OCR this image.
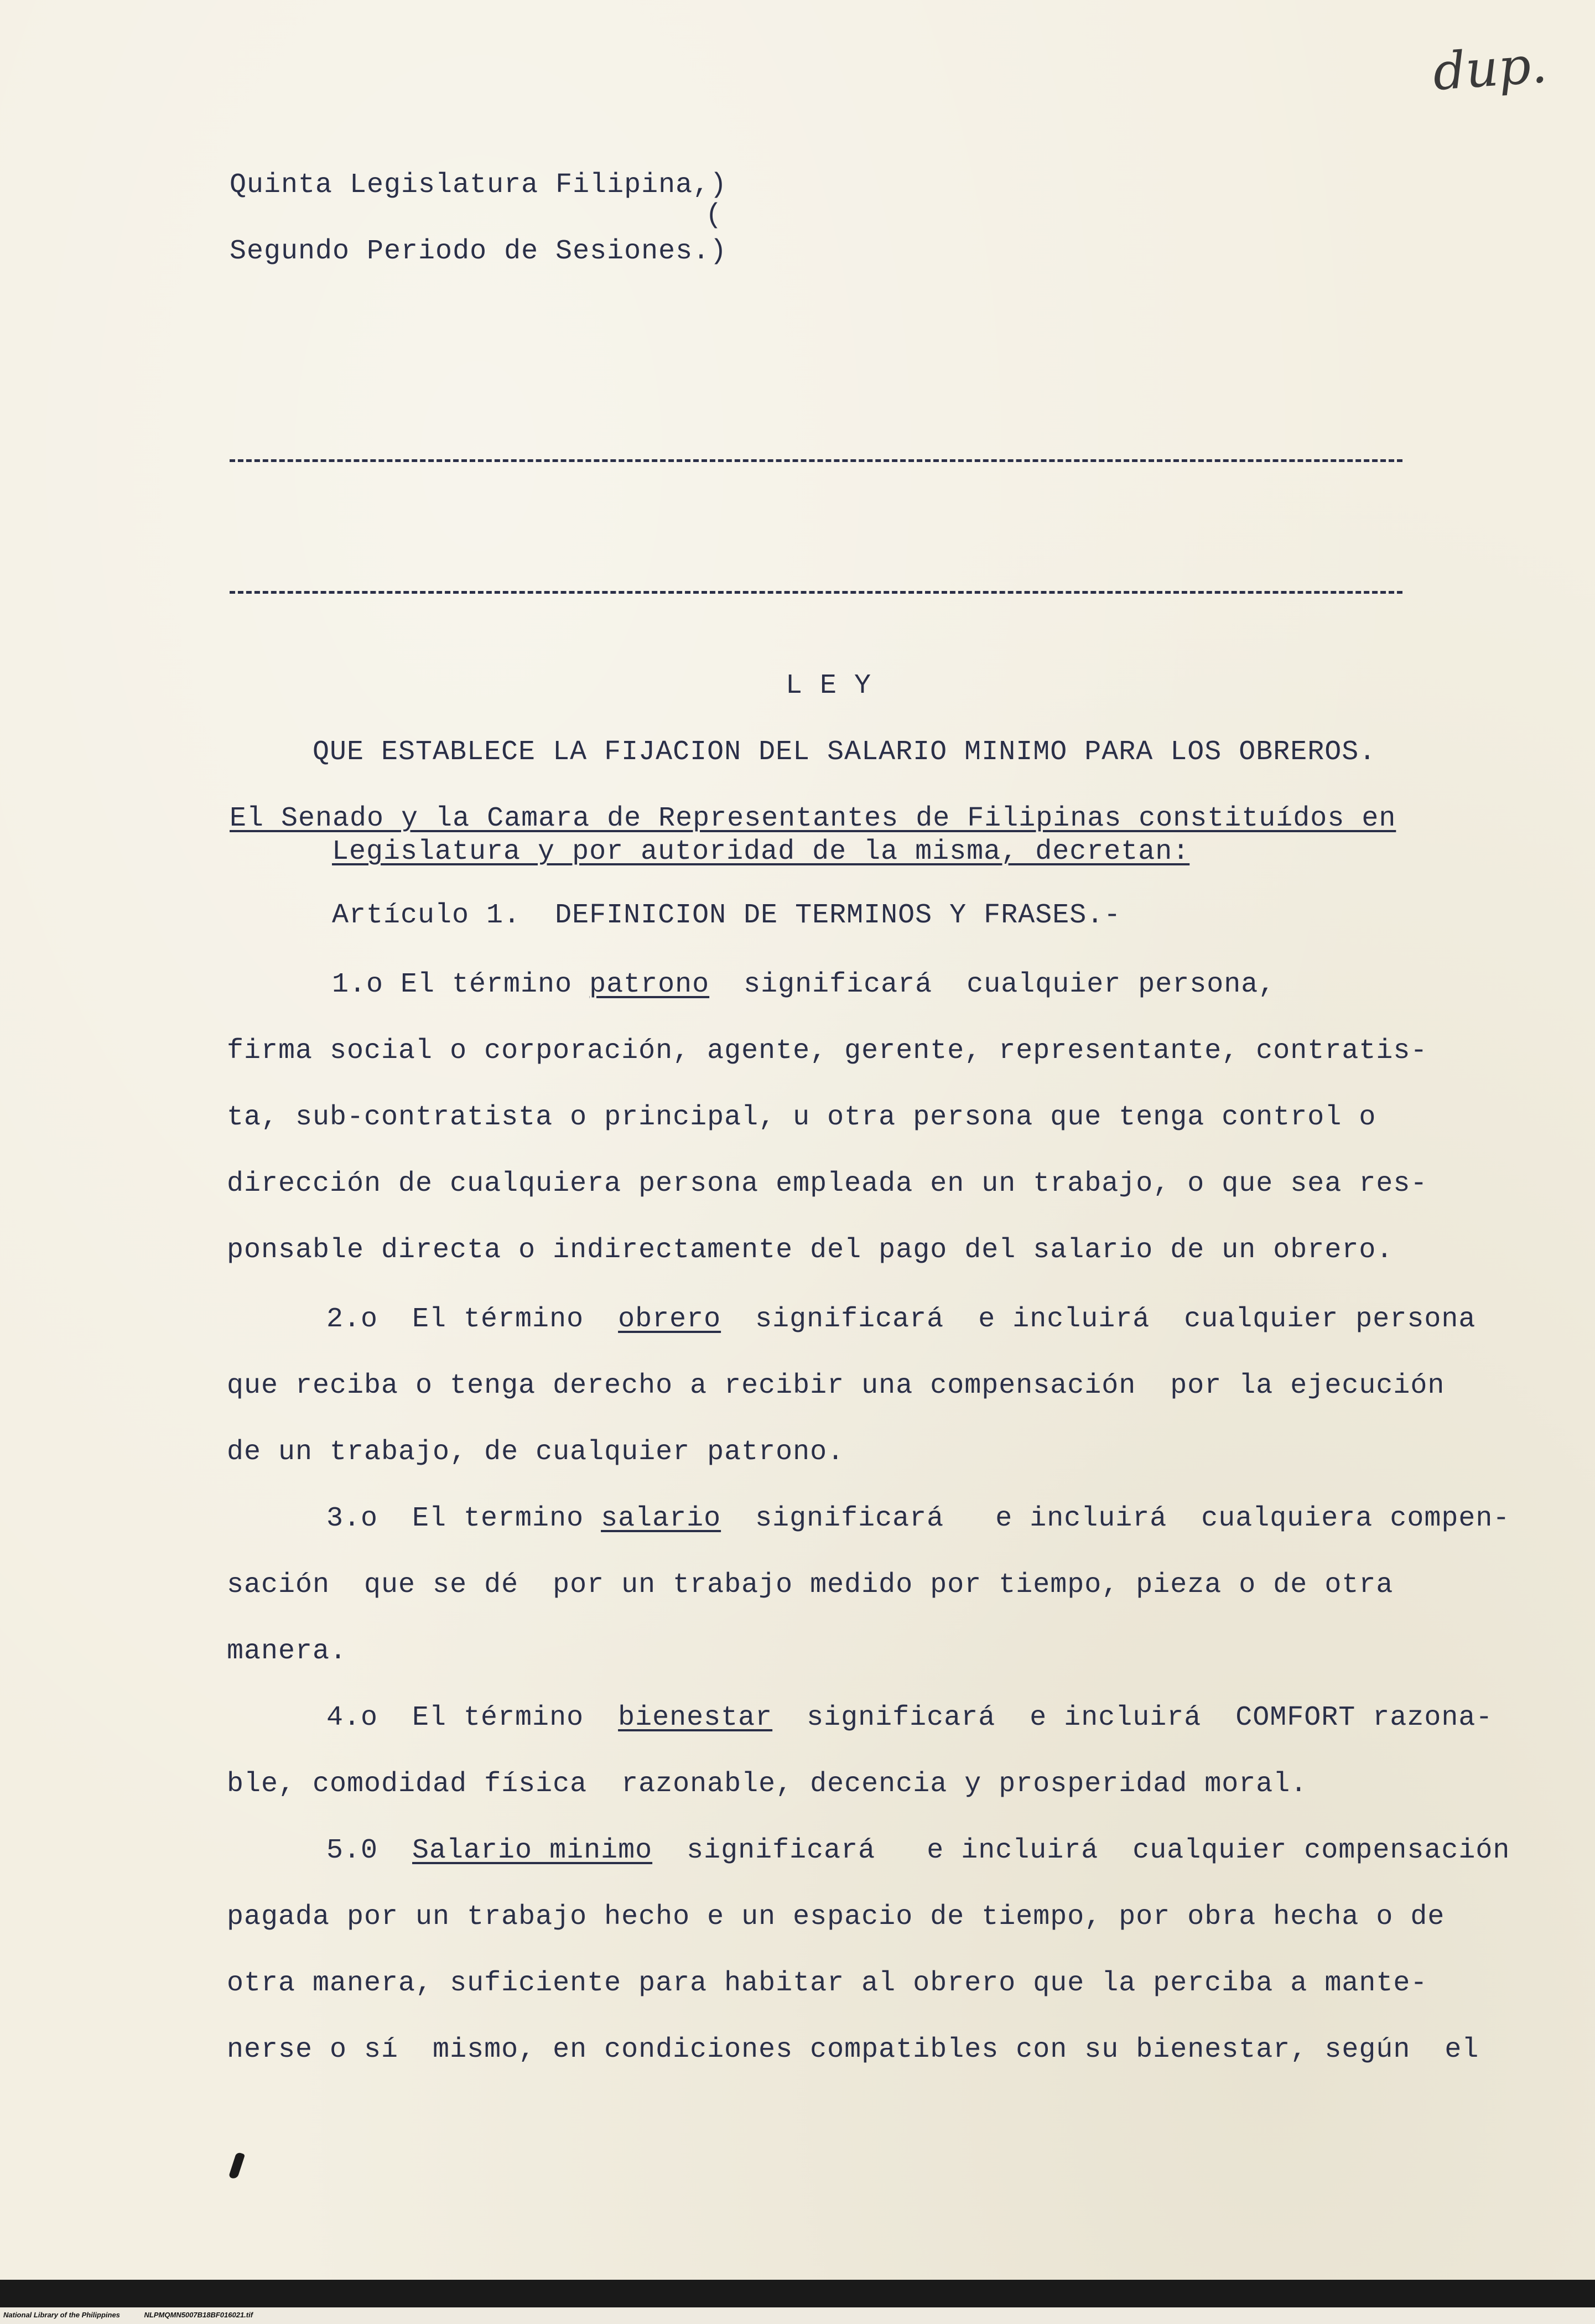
dup.
Quinta Legislatura Filipina,)
(
Segundo Periodo de Sesiones.)
L E Y
QUE ESTABLECE LA FIJACION DEL SALARIO MINIMO PARA LOS OBREROS.
El Senado y la Camara de Representantes de Filipinas constituídos en
Legislatura y por autoridad de la misma, decretan:
Artículo 1.  DEFINICION DE TERMINOS Y FRASES.-
1.o El término patrono  significará  cualquier persona,
firma social o corporación, agente, gerente, representante, contratis-
ta, sub-contratista o principal, u otra persona que tenga control o
dirección de cualquiera persona empleada en un trabajo, o que sea res-
ponsable directa o indirectamente del pago del salario de un obrero.
2.o  El término  obrero  significará  e incluirá  cualquier persona
que reciba o tenga derecho a recibir una compensación  por la ejecución
de un trabajo, de cualquier patrono.
3.o  El termino salario  significará   e incluirá  cualquiera compen-
sación  que se dé  por un trabajo medido por tiempo, pieza o de otra
manera.
4.o  El término  bienestar  significará  e incluirá  COMFORT razona-
ble, comodidad física  razonable, decencia y prosperidad moral.
5.0  Salario minimo  significará   e incluirá  cualquier compensación
pagada por un trabajo hecho e un espacio de tiempo, por obra hecha o de
otra manera, suficiente para habitar al obrero que la perciba a mante-
nerse o sí  mismo, en condiciones compatibles con su bienestar, según  el
National Library of the Philippines	NLPMQMN5007B18BF016021.tif
